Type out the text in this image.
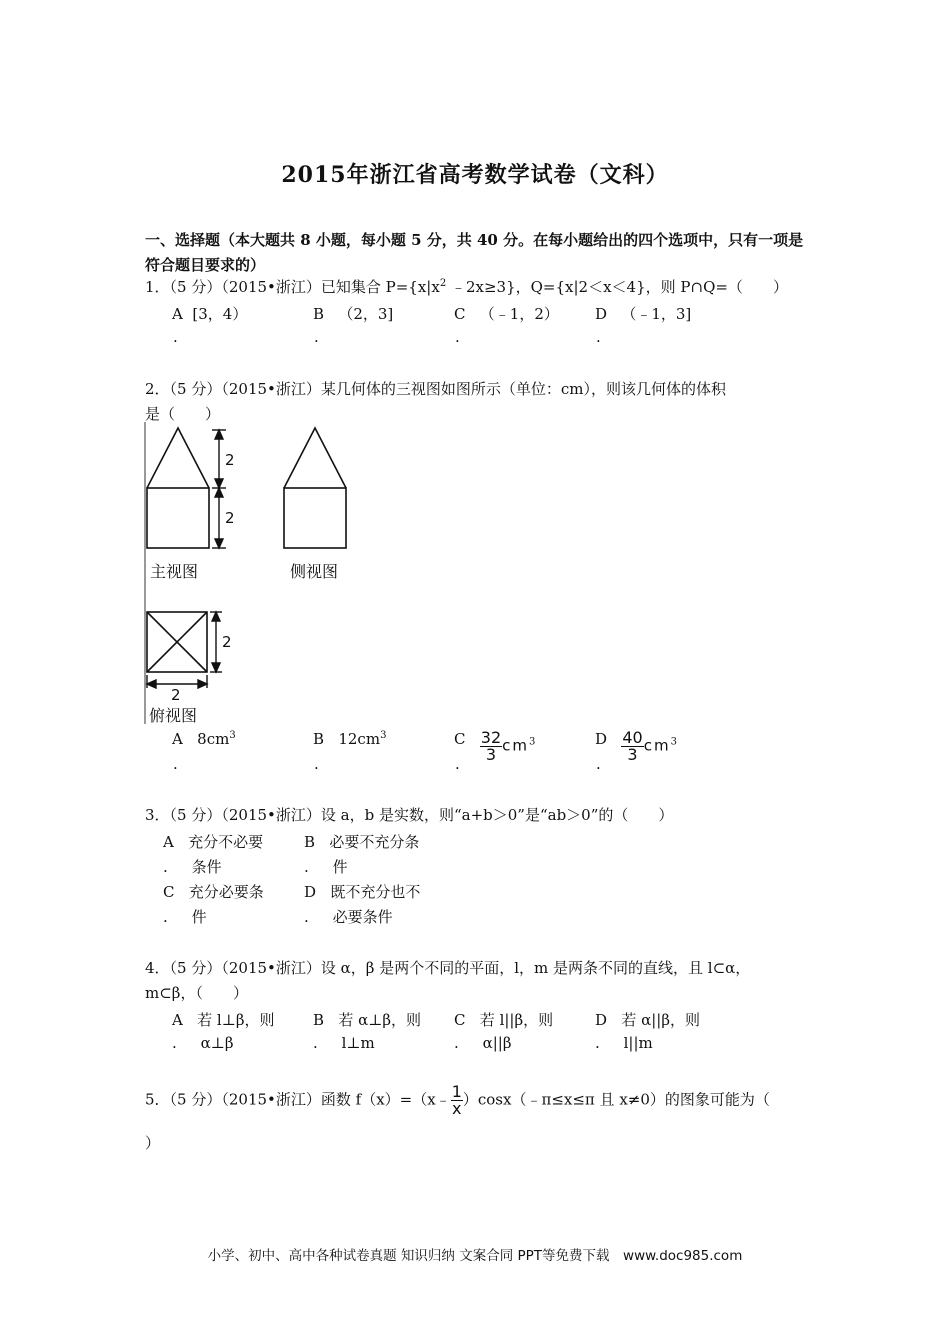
2015年浙江省高考数学试卷（文科）
一、选择题（本大题共 8 小题，每小题 5 分，共 40 分。在每小题给出的四个选项中，只有一项是符合题目要求的）
1．（5 分）（2015•浙江）已知集合 $P=\{x|x^2$ ﹣2x≥3}，Q={x|2＜x＜4}，则 P∩Q=（　　）
A [3，4）	B （2，3]	C （﹣1，2） D （﹣1，3]
.	.	.	.
2．（5 分）（2015•浙江）某几何体的三视图如图所示（单位：cm），则该几何体的体积
是（　　）
2
2
主视图	侧视图
2
2
俯视图
A $8cm^3$	B $12cm^3$	C $\frac{32}{3} cm^3$	D $\frac{40}{3} cm^3$
.	.	.	.
3．（5 分）（2015•浙江）设 a，b 是实数，则“a+b＞0”是“ab＞0”的（　　）
A 充分不必要
. 条件
B 必要不充分条
. 件
C 充分必要条
. 件
D 既不充分也不
. 必要条件
4．（5 分）（2015•浙江）设 α，β 是两个不同的平面，l，m 是两条不同的直线，且 l⊂α，
m⊂β，（　　）
A 若 l⊥β，则
. α⊥β
B 若 α⊥β，则
. l⊥m
C 若 l||β，则
. α||β
D 若 α||β，则
. l||m
5．（5 分）（2015•浙江）函数 f（x）=（x﹣ $\frac{1}{x}$ ）cosx（﹣π≤x≤π 且 x≠0）的图象可能为（
）
小学、初中、高中各种试卷真题 知识归纳 文案合同 PPT等免费下载　www.doc985.com
